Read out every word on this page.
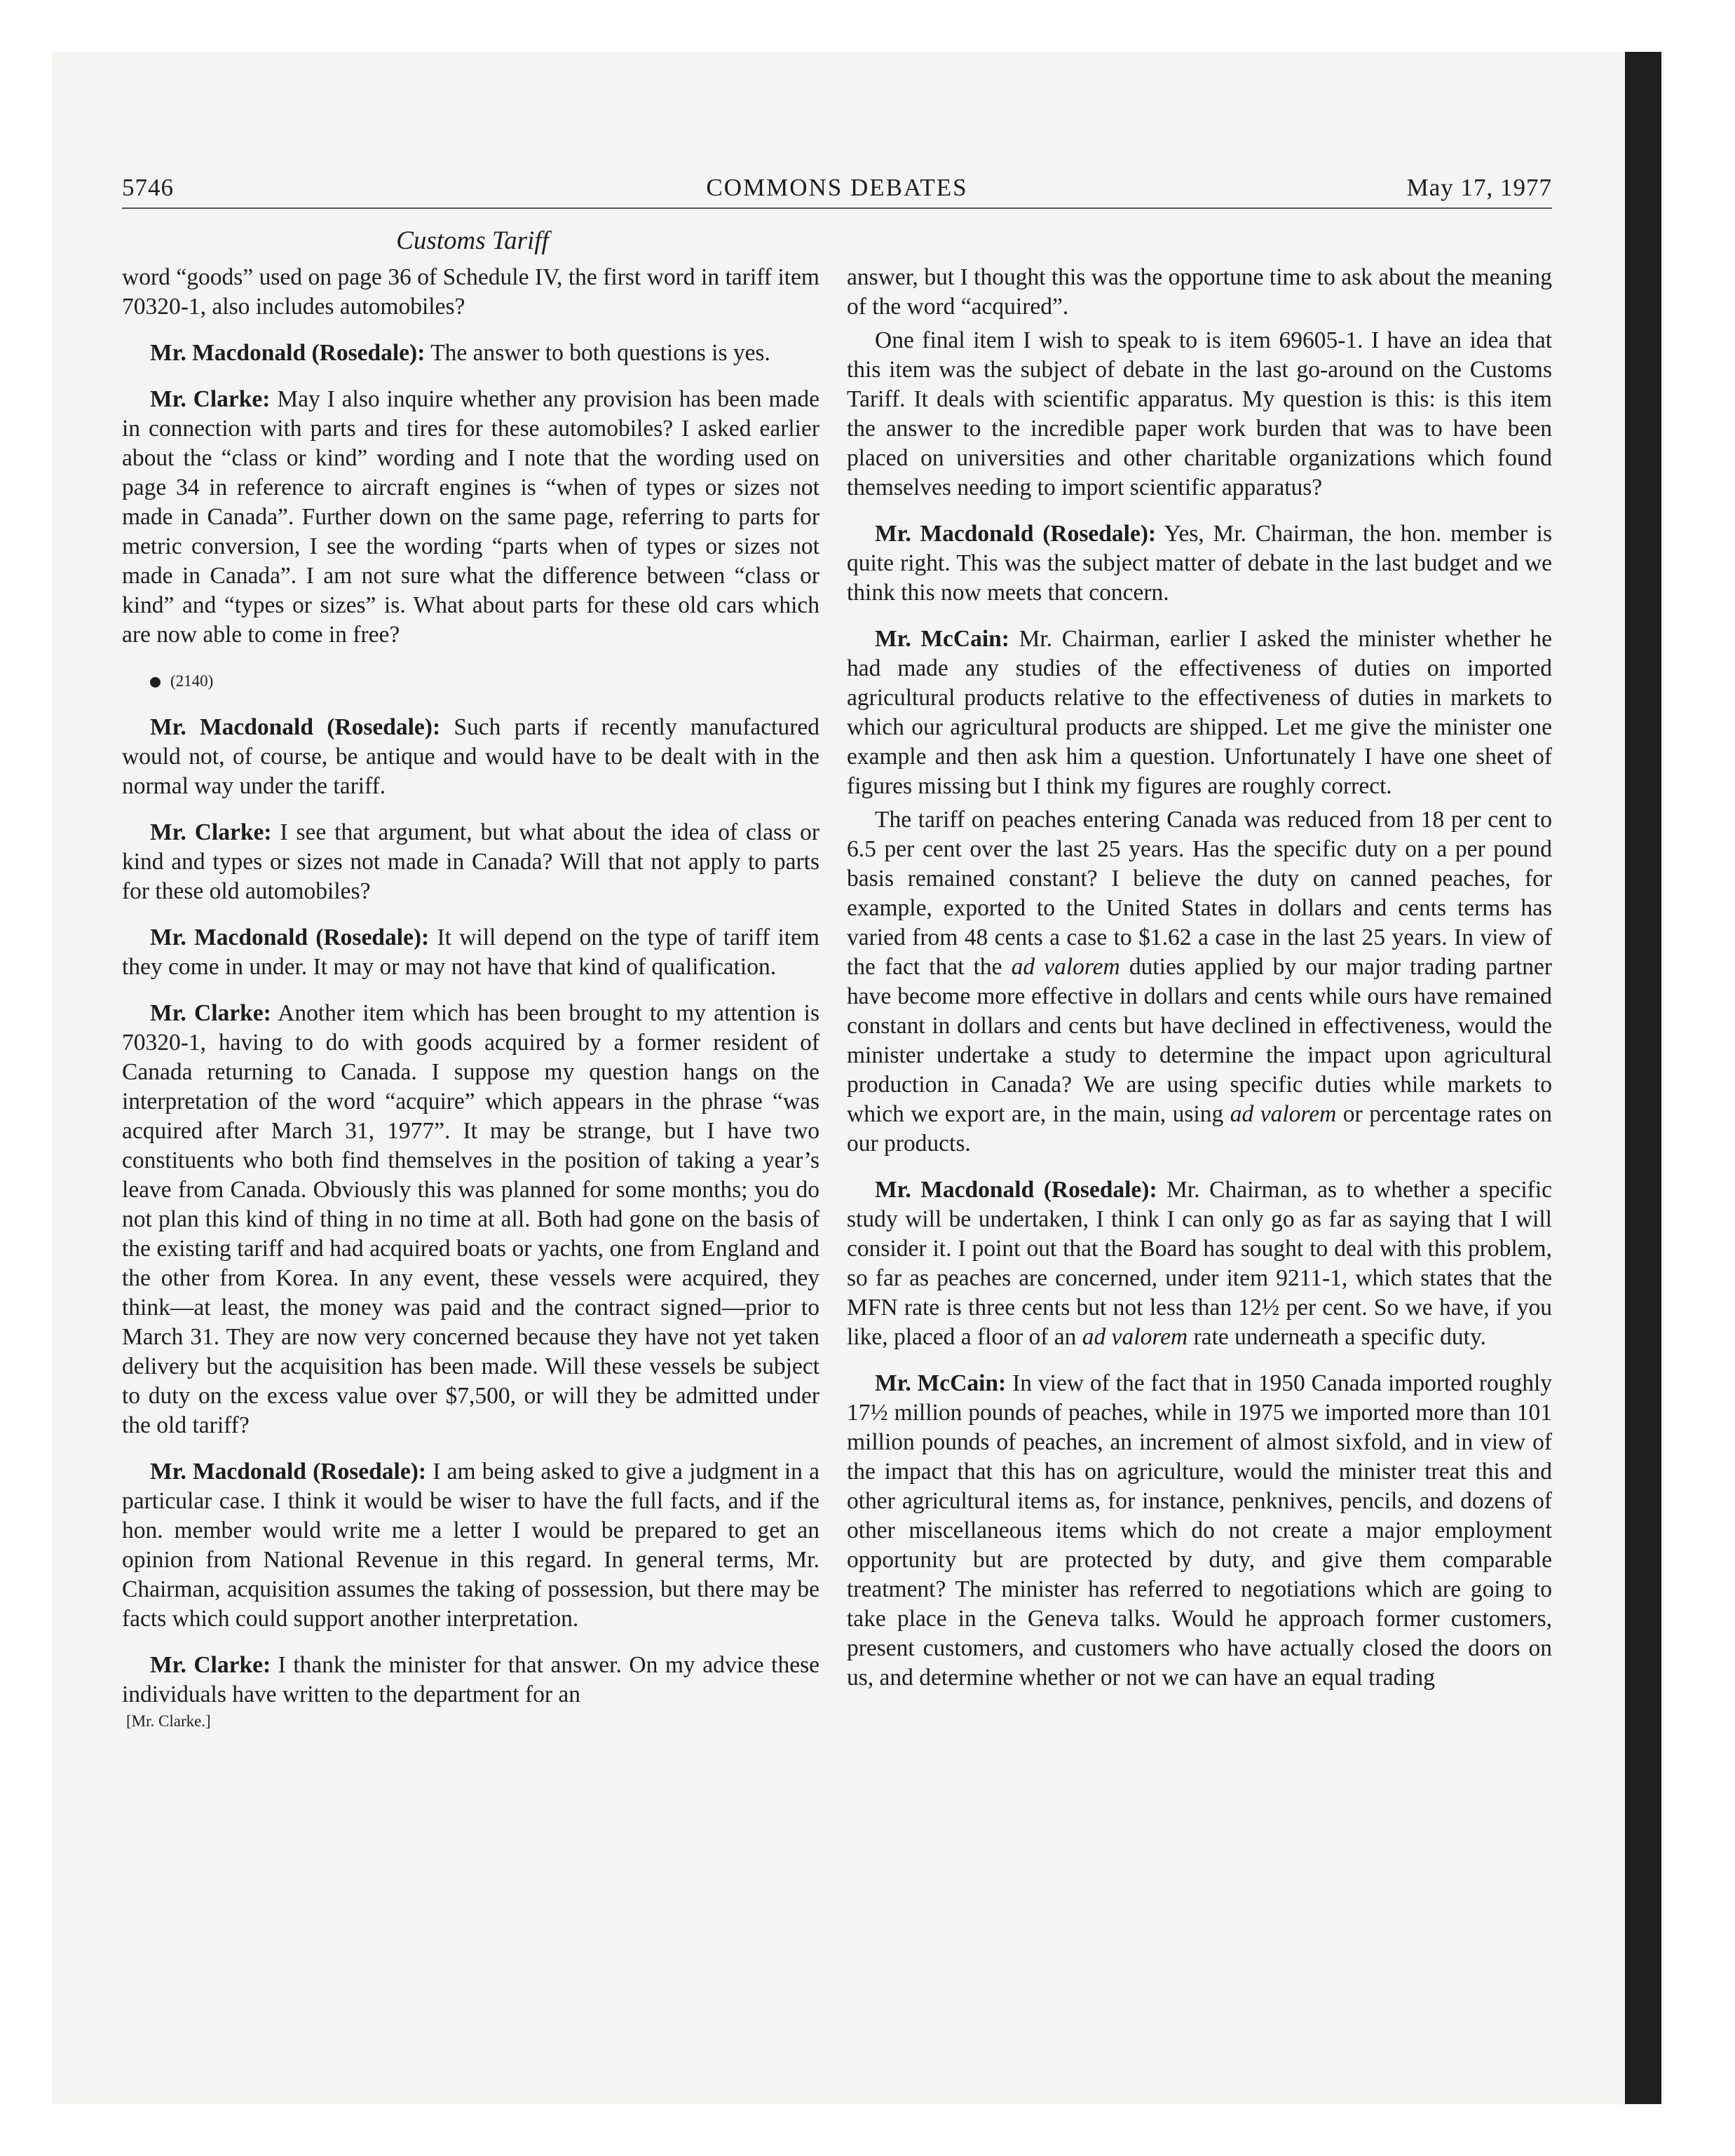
5746	COMMONS DEBATES	May 17, 1977
Customs Tariff

word “goods” used on page 36 of Schedule IV, the first word in tariff item 70320-1, also includes automobiles?

Mr. Macdonald (Rosedale): The answer to both questions is yes.

Mr. Clarke: May I also inquire whether any provision has been made in connection with parts and tires for these automobiles? I asked earlier about the “class or kind” wording and I note that the wording used on page 34 in reference to aircraft engines is “when of types or sizes not made in Canada”. Further down on the same page, referring to parts for metric conversion, I see the wording “parts when of types or sizes not made in Canada”. I am not sure what the difference between “class or kind” and “types or sizes” is. What about parts for these old cars which are now able to come in free?

(2140)

Mr. Macdonald (Rosedale): Such parts if recently manufactured would not, of course, be antique and would have to be dealt with in the normal way under the tariff.

Mr. Clarke: I see that argument, but what about the idea of class or kind and types or sizes not made in Canada? Will that not apply to parts for these old automobiles?

Mr. Macdonald (Rosedale): It will depend on the type of tariff item they come in under. It may or may not have that kind of qualification.

Mr. Clarke: Another item which has been brought to my attention is 70320-1, having to do with goods acquired by a former resident of Canada returning to Canada. I suppose my question hangs on the interpretation of the word “acquire” which appears in the phrase “was acquired after March 31, 1977”. It may be strange, but I have two constituents who both find themselves in the position of taking a year’s leave from Canada. Obviously this was planned for some months; you do not plan this kind of thing in no time at all. Both had gone on the basis of the existing tariff and had acquired boats or yachts, one from England and the other from Korea. In any event, these vessels were acquired, they think—at least, the money was paid and the contract signed—prior to March 31. They are now very concerned because they have not yet taken delivery but the acquisition has been made. Will these vessels be subject to duty on the excess value over $7,500, or will they be admitted under the old tariff?

Mr. Macdonald (Rosedale): I am being asked to give a judgment in a particular case. I think it would be wiser to have the full facts, and if the hon. member would write me a letter I would be prepared to get an opinion from National Revenue in this regard. In general terms, Mr. Chairman, acquisition assumes the taking of possession, but there may be facts which could support another interpretation.

Mr. Clarke: I thank the minister for that answer. On my advice these individuals have written to the department for an

[Mr. Clarke.]

answer, but I thought this was the opportune time to ask about the meaning of the word “acquired”.

One final item I wish to speak to is item 69605-1. I have an idea that this item was the subject of debate in the last go-around on the Customs Tariff. It deals with scientific apparatus. My question is this: is this item the answer to the incredible paper work burden that was to have been placed on universities and other charitable organizations which found themselves needing to import scientific apparatus?

Mr. Macdonald (Rosedale): Yes, Mr. Chairman, the hon. member is quite right. This was the subject matter of debate in the last budget and we think this now meets that concern.

Mr. McCain: Mr. Chairman, earlier I asked the minister whether he had made any studies of the effectiveness of duties on imported agricultural products relative to the effectiveness of duties in markets to which our agricultural products are shipped. Let me give the minister one example and then ask him a question. Unfortunately I have one sheet of figures missing but I think my figures are roughly correct.

The tariff on peaches entering Canada was reduced from 18 per cent to 6.5 per cent over the last 25 years. Has the specific duty on a per pound basis remained constant? I believe the duty on canned peaches, for example, exported to the United States in dollars and cents terms has varied from 48 cents a case to $1.62 a case in the last 25 years. In view of the fact that the ad valorem duties applied by our major trading partner have become more effective in dollars and cents while ours have remained constant in dollars and cents but have declined in effectiveness, would the minister undertake a study to determine the impact upon agricultural production in Canada? We are using specific duties while markets to which we export are, in the main, using ad valorem or percentage rates on our products.

Mr. Macdonald (Rosedale): Mr. Chairman, as to whether a specific study will be undertaken, I think I can only go as far as saying that I will consider it. I point out that the Board has sought to deal with this problem, so far as peaches are concerned, under item 9211-1, which states that the MFN rate is three cents but not less than 12½ per cent. So we have, if you like, placed a floor of an ad valorem rate underneath a specific duty.

Mr. McCain: In view of the fact that in 1950 Canada imported roughly 17½ million pounds of peaches, while in 1975 we imported more than 101 million pounds of peaches, an increment of almost sixfold, and in view of the impact that this has on agriculture, would the minister treat this and other agricultural items as, for instance, penknives, pencils, and dozens of other miscellaneous items which do not create a major employment opportunity but are protected by duty, and give them comparable treatment? The minister has referred to negotiations which are going to take place in the Geneva talks. Would he approach former customers, present customers, and customers who have actually closed the doors on us, and determine whether or not we can have an equal trading
